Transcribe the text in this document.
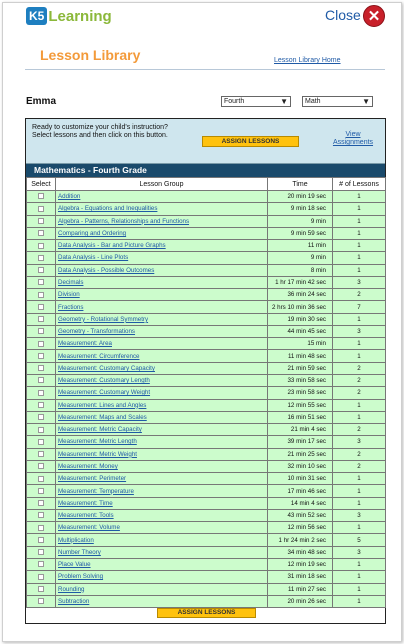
K5 Learning	Close ✕
Lesson Library	Lesson Library Home
Emma	Fourth	▼	Math	▼
Ready to customize your child's instruction? Select lessons and then click on this button.
ASSIGN LESSONS
View Assignments
Mathematics - Fourth Grade
Select	Lesson Group	Time	# of Lessons
	Addition	20 min 19 sec	1
	Algebra - Equations and Inequalities	9 min 18 sec	1
	Algebra - Patterns, Relationships and Functions	9 min	1
	Comparing and Ordering	9 min 59 sec	1
	Data Analysis - Bar and Picture Graphs	11 min	1
	Data Analysis - Line Plots	9 min	1
	Data Analysis - Possible Outcomes	8 min	1
	Decimals	1 hr 17 min 42 sec	3
	Division	36 min 24 sec	2
	Fractions	2 hrs 10 min 36 sec	7
	Geometry - Rotational Symmetry	19 min 30 sec	1
	Geometry - Transformations	44 min 45 sec	3
	Measurement: Area	15 min	1
	Measurement: Circumference	11 min 48 sec	1
	Measurement: Customary Capacity	21 min 59 sec	2
	Measurement: Customary Length	33 min 58 sec	2
	Measurement: Customary Weight	23 min 58 sec	2
	Measurement: Lines and Angles	12 min 55 sec	1
	Measurement: Maps and Scales	16 min 51 sec	1
	Measurement: Metric Capacity	21 min 4 sec	2
	Measurement: Metric Length	39 min 17 sec	3
	Measurement: Metric Weight	21 min 25 sec	2
	Measurement: Money	32 min 10 sec	2
	Measurement: Perimeter	10 min 31 sec	1
	Measurement: Temperature	17 min 46 sec	1
	Measurement: Time	14 min 4 sec	1
	Measurement: Tools	43 min 52 sec	3
	Measurement: Volume	12 min 56 sec	1
	Multiplication	1 hr 24 min 2 sec	5
	Number Theory	34 min 48 sec	3
	Place Value	12 min 19 sec	1
	Problem Solving	31 min 18 sec	1
	Rounding	11 min 27 sec	1
	Subtraction	20 min 26 sec	1
ASSIGN LESSONS
